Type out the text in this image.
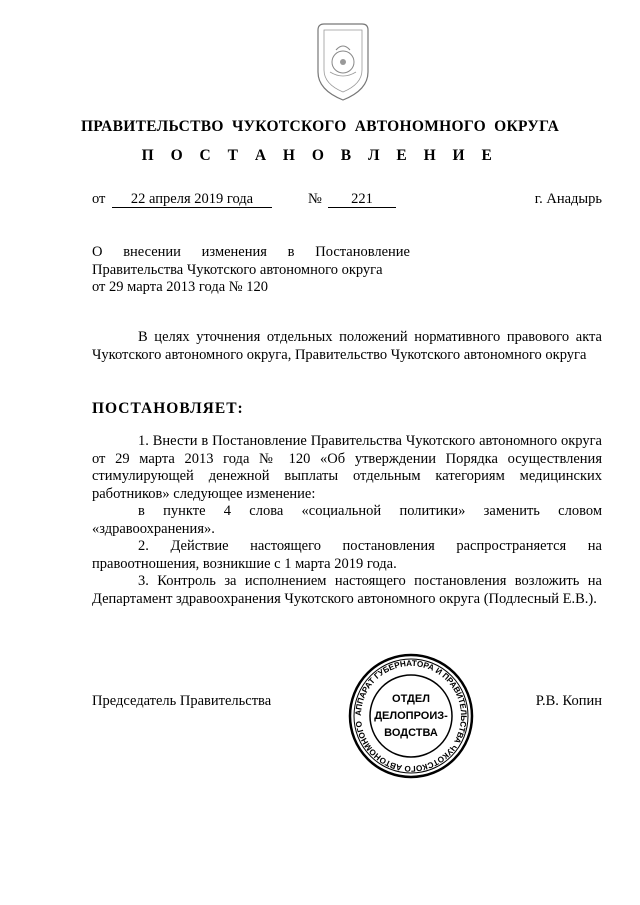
ПРАВИТЕЛЬСТВО ЧУКОТСКОГО АВТОНОМНОГО ОКРУГА
П О С Т А Н О В Л Е Н И Е
от	22 апреля 2019 года	№	221	г. Анадырь
О внесении изменения в Постановление
Правительства Чукотского автономного округа
от 29 марта 2013 года № 120
В целях уточнения отдельных положений нормативного правового акта Чукотского автономного округа, Правительство Чукотского автономного округа
ПОСТАНОВЛЯЕТ:
1. Внести в Постановление Правительства Чукотского автономного округа от 29 марта 2013 года № 120 «Об утверждении Порядка осуществления стимулирующей денежной выплаты отдельным категориям медицинских работников» следующее изменение:
в пункте 4 слова «социальной политики» заменить словом «здравоохранения».
2. Действие настоящего постановления распространяется на правоотношения, возникшие с 1 марта 2019 года.
3. Контроль за исполнением настоящего постановления возложить на Департамент здравоохранения Чукотского автономного округа (Подлесный Е.В.).
Председатель Правительства	Р.В. Копин
АППАРАТ ГУБЕРНАТОРА И ПРАВИТЕЛЬСТВА ЧУКОТСКОГО АВТОНОМНОГО
ОТДЕЛ
ДЕЛОПРОИЗ-
ВОДСТВА
